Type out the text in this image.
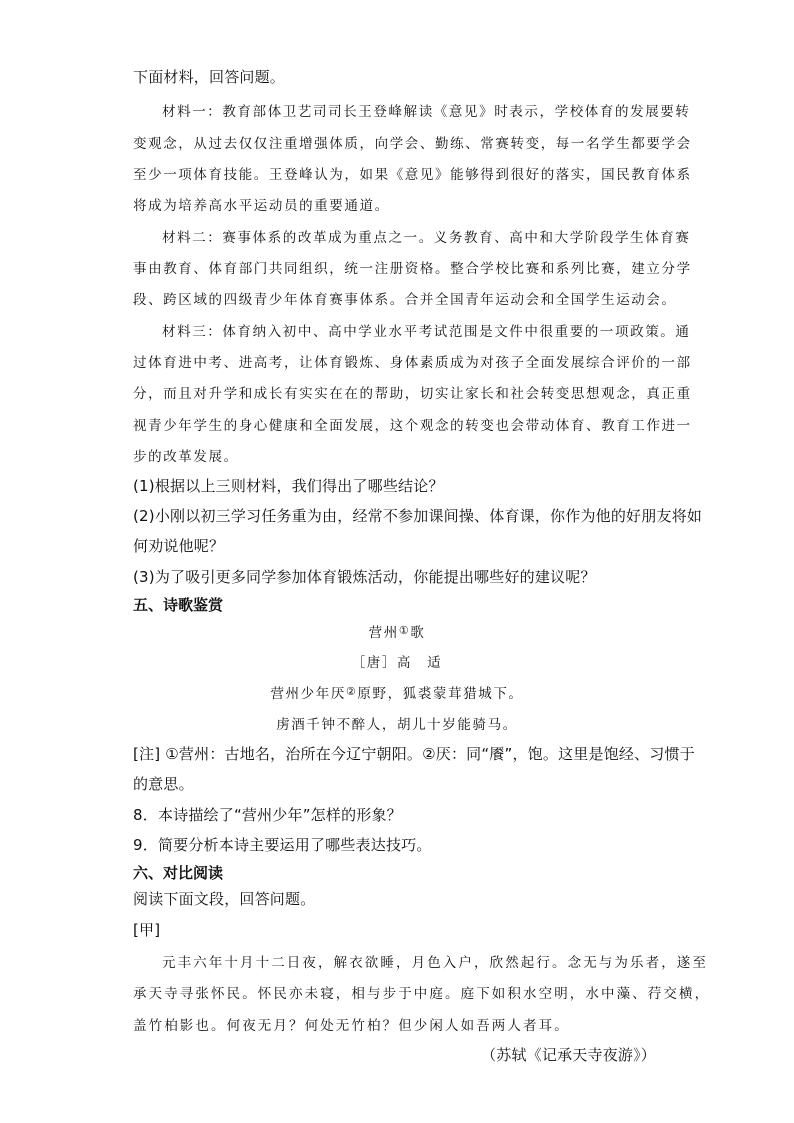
下面材料，回答问题。
材料一：教育部体卫艺司司长王登峰解读《意见》时表示，学校体育的发展要转
变观念，从过去仅仅注重增强体质，向学会、勤练、常赛转变，每一名学生都要学会
至少一项体育技能。王登峰认为，如果《意见》能够得到很好的落实，国民教育体系
将成为培养高水平运动员的重要通道。
材料二：赛事体系的改革成为重点之一。义务教育、高中和大学阶段学生体育赛
事由教育、体育部门共同组织，统一注册资格。整合学校比赛和系列比赛，建立分学
段、跨区域的四级青少年体育赛事体系。合并全国青年运动会和全国学生运动会。
材料三：体育纳入初中、高中学业水平考试范围是文件中很重要的一项政策。通
过体育进中考、进高考，让体育锻炼、身体素质成为对孩子全面发展综合评价的一部
分，而且对升学和成长有实实在在的帮助，切实让家长和社会转变思想观念，真正重
视青少年学生的身心健康和全面发展，这个观念的转变也会带动体育、教育工作进一
步的改革发展。
(1)根据以上三则材料，我们得出了哪些结论？
(2)小刚以初三学习任务重为由，经常不参加课间操、体育课，你作为他的好朋友将如
何劝说他呢？
(3)为了吸引更多同学参加体育锻炼活动，你能提出哪些好的建议呢？
五、诗歌鉴赏
营州①歌
［唐］高　适
营州少年厌②原野，狐裘蒙茸猎城下。
虏酒千钟不醉人，胡儿十岁能骑马。
[注] ①营州：古地名，治所在今辽宁朝阳。②厌：同“餍”，饱。这里是饱经、习惯于
的意思。
8．本诗描绘了“营州少年”怎样的形象？
9．简要分析本诗主要运用了哪些表达技巧。
六、对比阅读
阅读下面文段，回答问题。
[甲]
元丰六年十月十二日夜，解衣欲睡，月色入户，欣然起行。念无与为乐者，遂至
承天寺寻张怀民。怀民亦未寝，相与步于中庭。庭下如积水空明，水中藻、荇交横，
盖竹柏影也。何夜无月？何处无竹柏？但少闲人如吾两人者耳。
（苏轼《记承天寺夜游》）
